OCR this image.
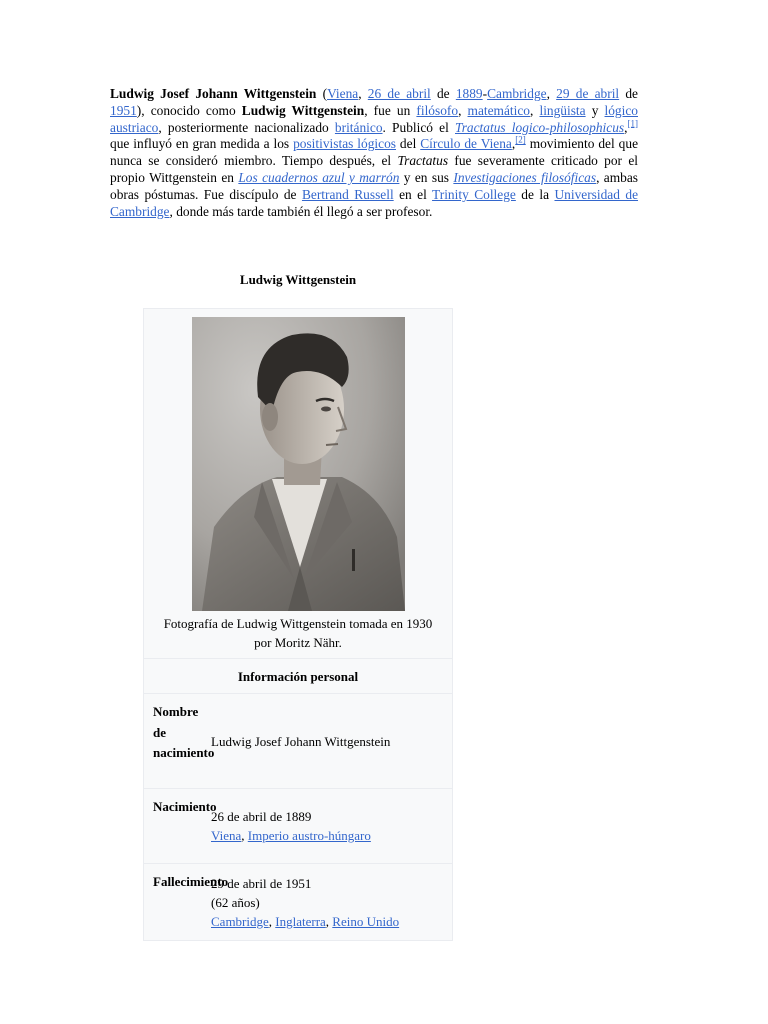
Ludwig Josef Johann Wittgenstein (Viena, 26 de abril de 1889-Cambridge, 29 de abril de 1951), conocido como Ludwig Wittgenstein, fue un filósofo, matemático, lingüista y lógico austriaco, posteriormente nacionalizado británico. Publicó el Tractatus logico-philosophicus,[1] que influyó en gran medida a los positivistas lógicos del Círculo de Viena,[2] movimiento del que nunca se consideró miembro. Tiempo después, el Tractatus fue severamente criticado por el propio Wittgenstein en Los cuadernos azul y marrón y en sus Investigaciones filosóficas, ambas obras póstumas. Fue discípulo de Bertrand Russell en el Trinity College de la Universidad de Cambridge, donde más tarde también él llegó a ser profesor.
Ludwig Wittgenstein
Fotografía de Ludwig Wittgenstein tomada en 1930 por Moritz Nähr.
Información personal
Nombre de nacimiento
Ludwig Josef Johann Wittgenstein
Nacimiento
26 de abril de 1889
Viena, Imperio austro-húngaro
Fallecimiento
29 de abril de 1951
(62 años)
Cambridge, Inglaterra, Reino Unido
